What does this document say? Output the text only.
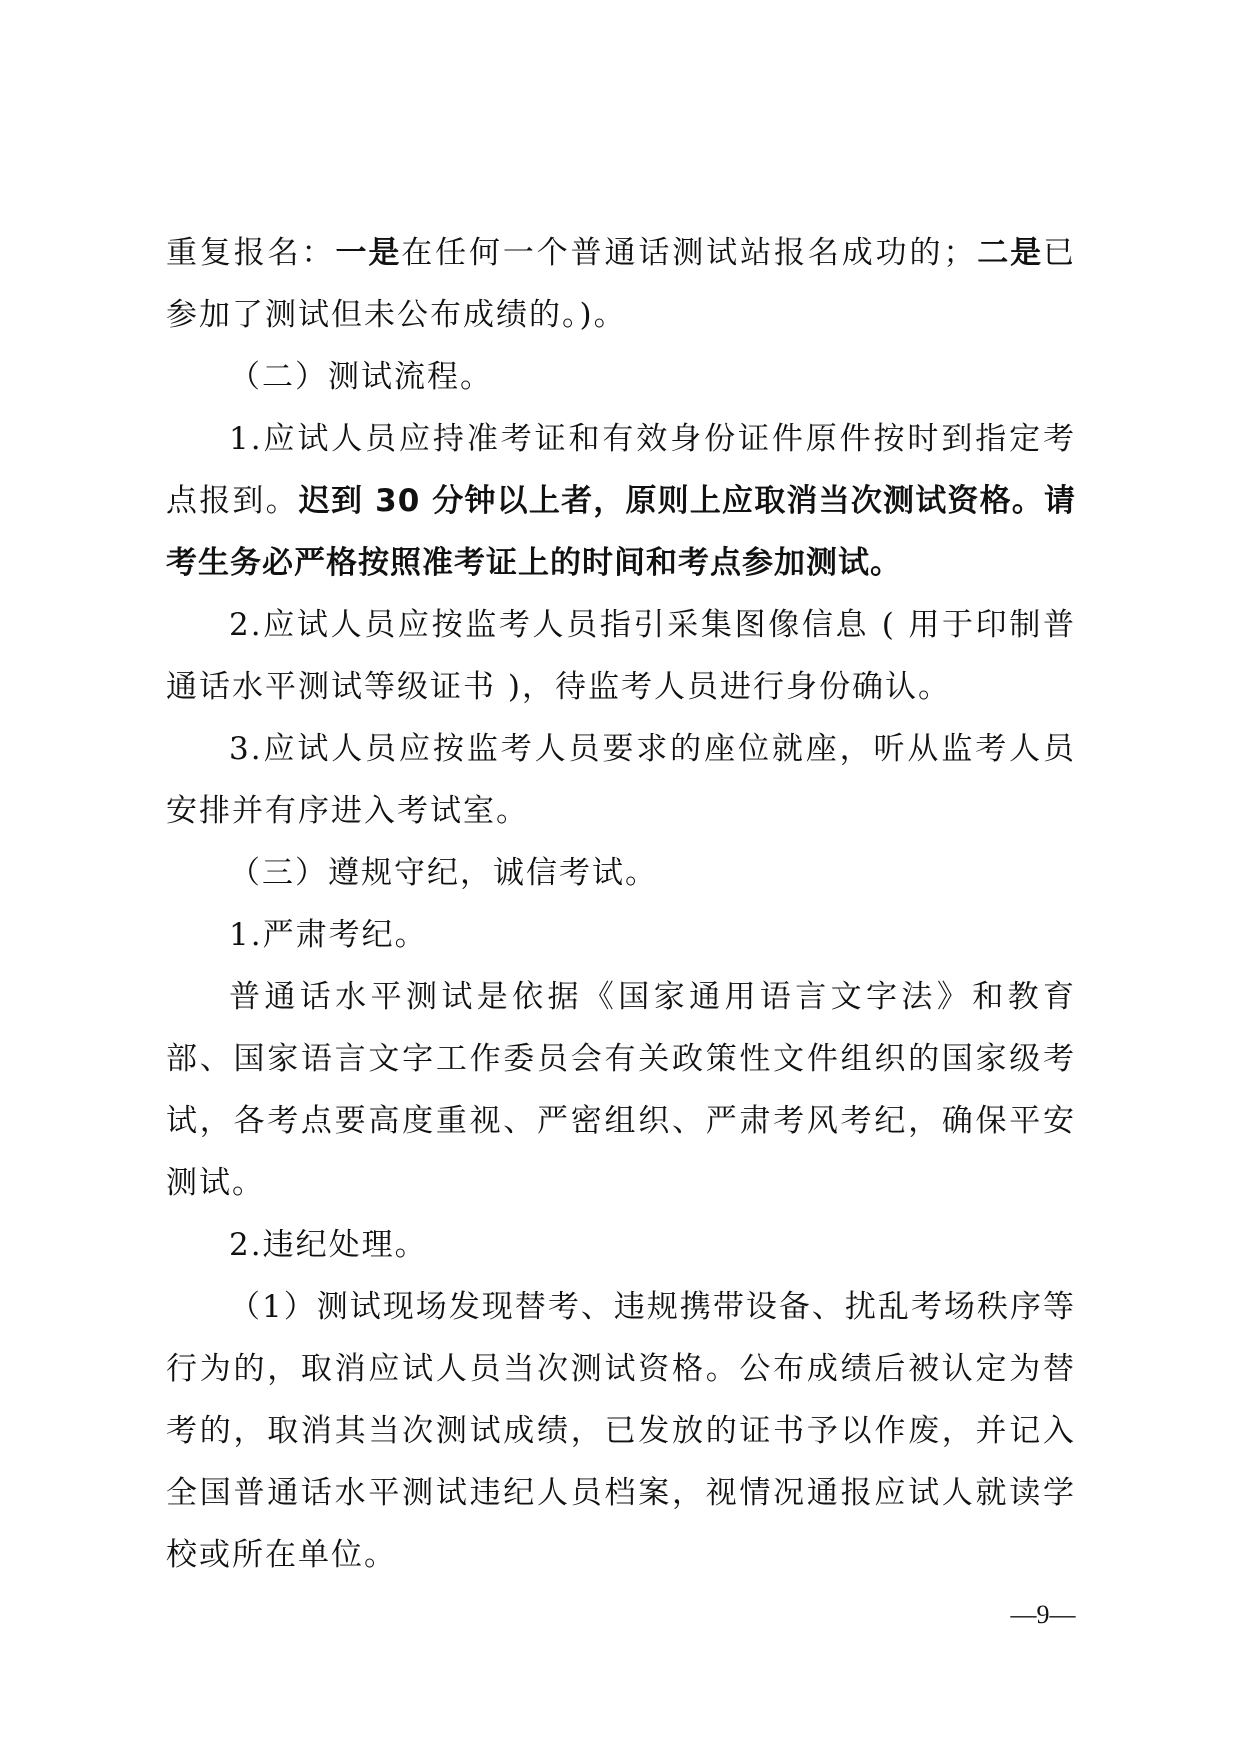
重复报名：一是在任何一个普通话测试站报名成功的；二是已参加了测试但未公布成绩的。)。

（二）测试流程。

1.应试人员应持准考证和有效身份证件原件按时到指定考点报到。迟到 30 分钟以上者，原则上应取消当次测试资格。请考生务必严格按照准考证上的时间和考点参加测试。

2.应试人员应按监考人员指引采集图像信息 ( 用于印制普通话水平测试等级证书 )，待监考人员进行身份确认。

3.应试人员应按监考人员要求的座位就座，听从监考人员安排并有序进入考试室。

（三）遵规守纪，诚信考试。

1.严肃考纪。

普通话水平测试是依据《国家通用语言文字法》和教育部、国家语言文字工作委员会有关政策性文件组织的国家级考试，各考点要高度重视、严密组织、严肃考风考纪，确保平安测试。

2.违纪处理。

（1）测试现场发现替考、违规携带设备、扰乱考场秩序等行为的，取消应试人员当次测试资格。公布成绩后被认定为替考的，取消其当次测试成绩，已发放的证书予以作废，并记入全国普通话水平测试违纪人员档案，视情况通报应试人就读学校或所在单位。

—9—
